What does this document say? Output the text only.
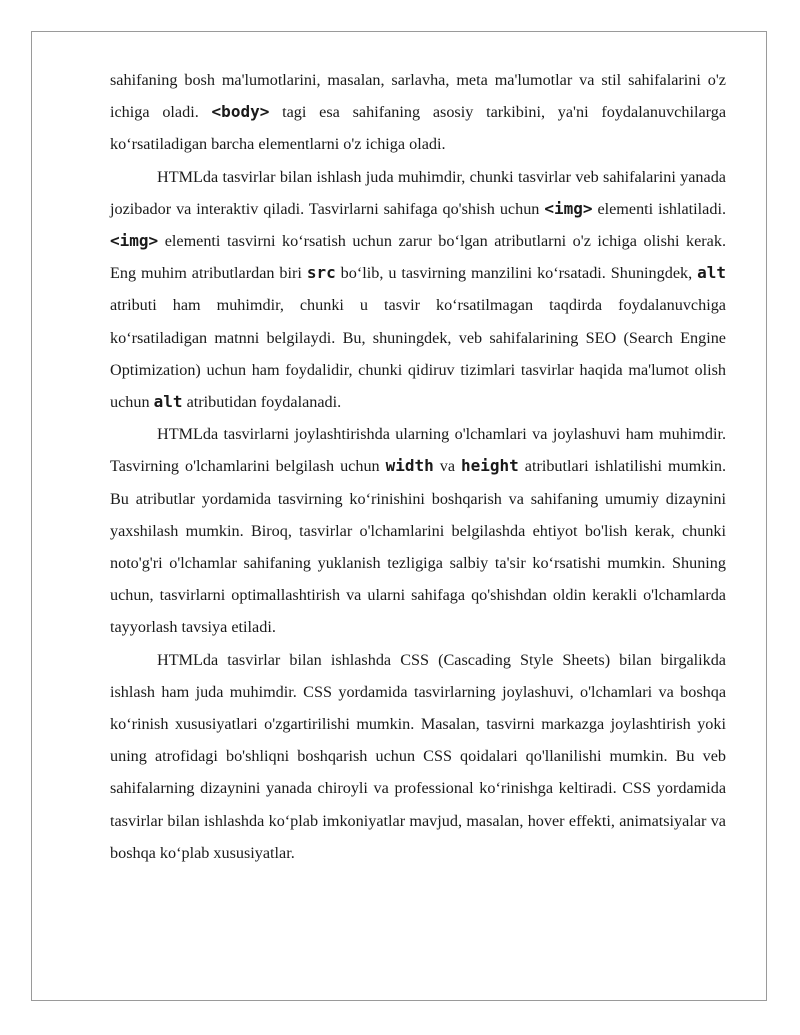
sahifaning bosh ma'lumotlarini, masalan, sarlavha, meta ma'lumotlar va stil sahifalarini o'z ichiga oladi. <body> tagi esa sahifaning asosiy tarkibini, ya'ni foydalanuvchilarga ko‘rsatiladigan barcha elementlarni o'z ichiga oladi.

HTMLda tasvirlar bilan ishlash juda muhimdir, chunki tasvirlar veb sahifalarini yanada jozibador va interaktiv qiladi. Tasvirlarni sahifaga qo'shish uchun <img> elementi ishlatiladi. <img> elementi tasvirni ko‘rsatish uchun zarur bo‘lgan atributlarni o'z ichiga olishi kerak. Eng muhim atributlardan biri src bo‘lib, u tasvirning manzilini ko‘rsatadi. Shuningdek, alt atributi ham muhimdir, chunki u tasvir ko‘rsatilmagan taqdirda foydalanuvchiga ko‘rsatiladigan matnni belgilaydi. Bu, shuningdek, veb sahifalarining SEO (Search Engine Optimization) uchun ham foydalidir, chunki qidiruv tizimlari tasvirlar haqida ma'lumot olish uchun alt atributidan foydalanadi.

HTMLda tasvirlarni joylashtirishda ularning o'lchamlari va joylashuvi ham muhimdir. Tasvirning o'lchamlarini belgilash uchun width va height atributlari ishlatilishi mumkin. Bu atributlar yordamida tasvirning ko‘rinishini boshqarish va sahifaning umumiy dizaynini yaxshilash mumkin. Biroq, tasvirlar o'lchamlarini belgilashda ehtiyot bo'lish kerak, chunki noto'g'ri o'lchamlar sahifaning yuklanish tezligiga salbiy ta'sir ko‘rsatishi mumkin. Shuning uchun, tasvirlarni optimallashtirish va ularni sahifaga qo'shishdan oldin kerakli o'lchamlarda tayyorlash tavsiya etiladi.

HTMLda tasvirlar bilan ishlashda CSS (Cascading Style Sheets) bilan birgalikda ishlash ham juda muhimdir. CSS yordamida tasvirlarning joylashuvi, o'lchamlari va boshqa ko‘rinish xususiyatlari o'zgartirilishi mumkin. Masalan, tasvirni markazga joylashtirish yoki uning atrofidagi bo'shliqni boshqarish uchun CSS qoidalari qo'llanilishi mumkin. Bu veb sahifalarning dizaynini yanada chiroyli va professional ko‘rinishga keltiradi. CSS yordamida tasvirlar bilan ishlashda ko‘plab imkoniyatlar mavjud, masalan, hover effekti, animatsiyalar va boshqa ko‘plab xususiyatlar.
